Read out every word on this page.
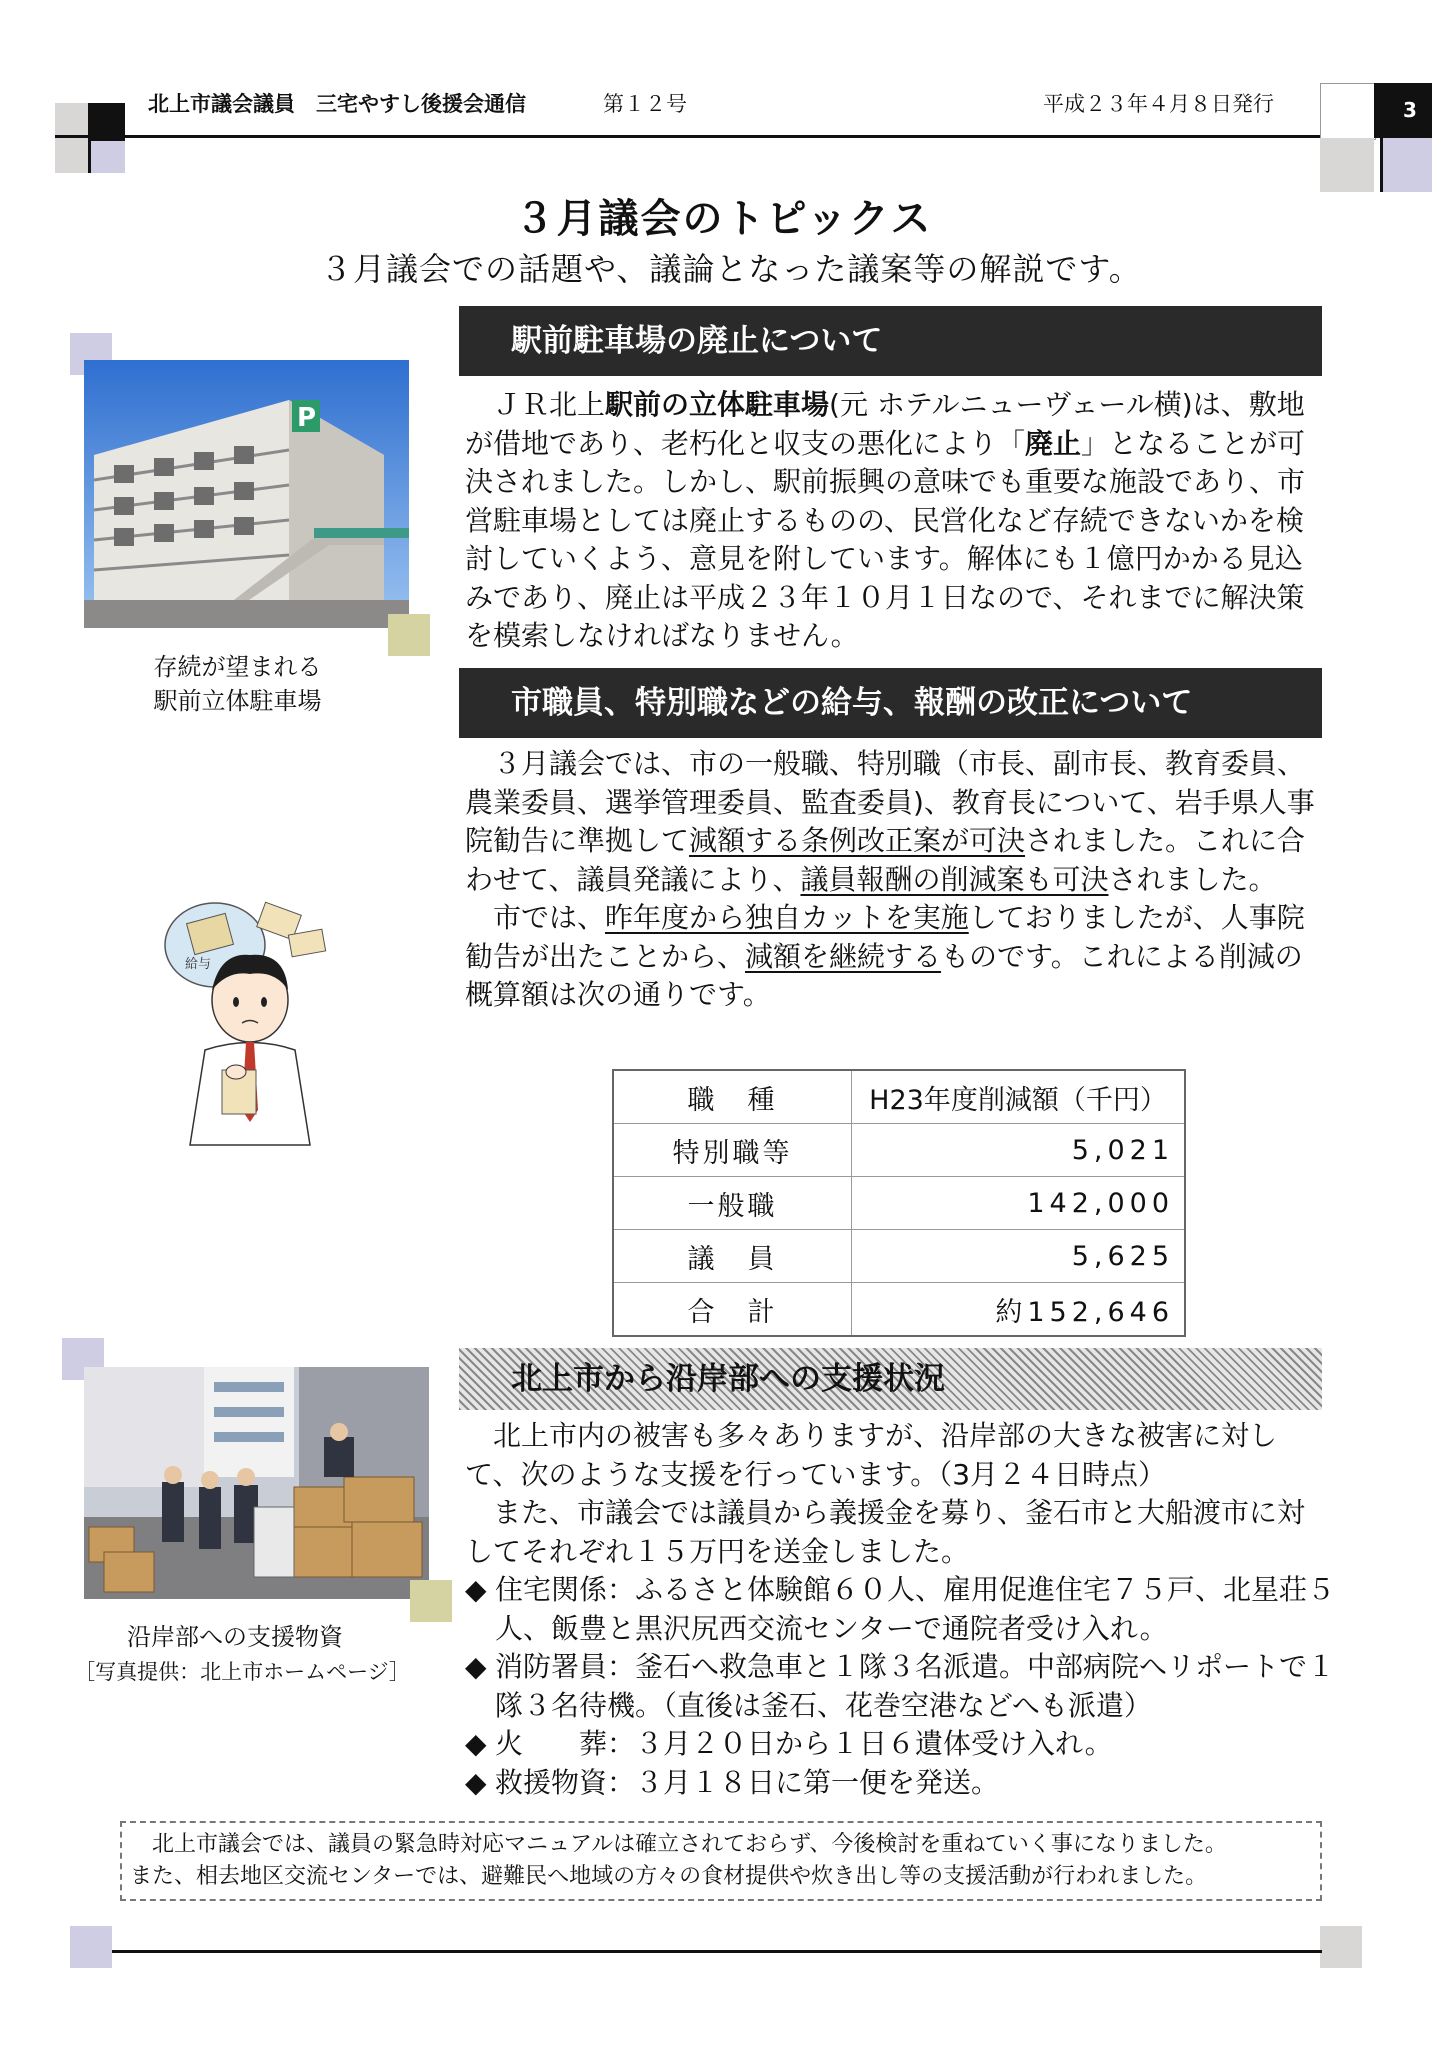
北上市議会議員　三宅やすし後援会通信	第１２号	平成２３年４月８日発行	3
３月議会のトピックス
３月議会での話題や、議論となった議案等の解説です。
駅前駐車場の廃止について
P
存続が望まれる
駅前立体駐車場

ＪＲ北上駅前の立体駐車場(元 ホテルニューヴェール横)は、敷地が借地であり、老朽化と収支の悪化により「廃止」となることが可決されました。しかし、駅前振興の意味でも重要な施設であり、市営駐車場としては廃止するものの、民営化など存続できないかを検討していくよう、意見を附しています。解体にも１億円かかる見込みであり、廃止は平成２３年１０月１日なので、それまでに解決策を模索しなければなりません。

市職員、特別職などの給与、報酬の改正について

３月議会では、市の一般職、特別職（市長、副市長、教育委員、農業委員、選挙管理委員、監査委員)、教育長について、岩手県人事院勧告に準拠して減額する条例改正案が可決されました。これに合わせて、議員発議により、議員報酬の削減案も可決されました。

市では、昨年度から独自カットを実施しておりましたが、人事院勧告が出たことから、減額を継続するものです。これによる削減の概算額は次の通りです。

給与
職　種	H23年度削減額（千円）
特別職等	5,021
一般職	142,000
議　員	5,625
合　計	約152,646
北上市から沿岸部への支援状況
沿岸部への支援物資
［写真提供：北上市ホームページ］

北上市内の被害も多々ありますが、沿岸部の大きな被害に対して、次のような支援を行っています。（3月２４日時点）

また、市議会では議員から義援金を募り、釜石市と大船渡市に対してそれぞれ１５万円を送金しました。

◆ 住宅関係：ふるさと体験館６０人、雇用促進住宅７５戸、北星荘５人、飯豊と黒沢尻西交流センターで通院者受け入れ。
◆ 消防署員：釜石へ救急車と１隊３名派遣。中部病院へリポートで１隊３名待機。（直後は釜石、花巻空港などへも派遣）
◆ 火　　葬：３月２０日から１日６遺体受け入れ。
◆ 救援物資：３月１８日に第一便を発送。

北上市議会では、議員の緊急時対応マニュアルは確立されておらず、今後検討を重ねていく事になりました。

また、相去地区交流センターでは、避難民へ地域の方々の食材提供や炊き出し等の支援活動が行われました。
